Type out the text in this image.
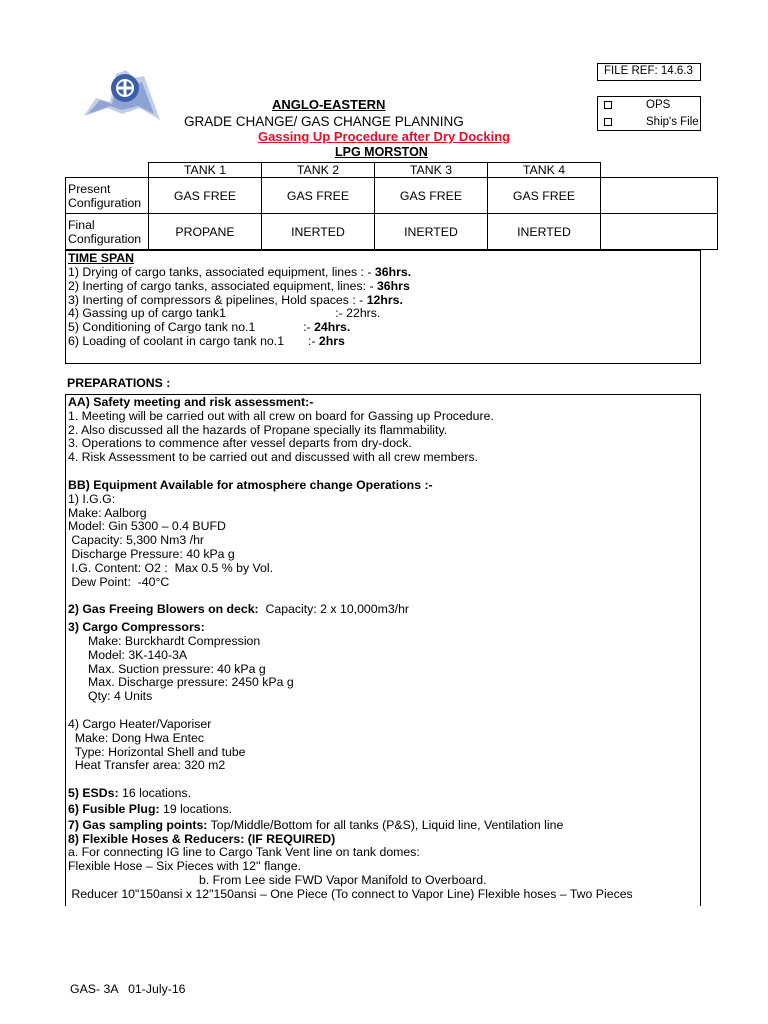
ANGLO-EASTERN
GRADE CHANGE/ GAS CHANGE PLANNING
Gassing Up Procedure after Dry Docking
LPG MORSTON
FILE REF: 14.6.3
OPS
Ship's File
	TANK 1	TANK 2	TANK 3	TANK 4	
Present
Configuration	GAS FREE	GAS FREE	GAS FREE	GAS FREE	
Final
Configuration	PROPANE	INERTED	INERTED	INERTED	
TIME SPAN
1) Drying of cargo tanks, associated equipment, lines : - 36hrs.
2) Inerting of cargo tanks, associated equipment, lines: - 36hrs
3) Inerting of compressors & pipelines, Hold spaces : - 12hrs.
4) Gassing up of cargo tank1                                :- 22hrs.
5) Conditioning of Cargo tank no.1              :- 24hrs.
6) Loading of coolant in cargo tank no.1       :- 2hrs
PREPARATIONS :
AA) Safety meeting and risk assessment:-
1. Meeting will be carried out with all crew on board for Gassing up Procedure.
2. Also discussed all the hazards of Propane specially its flammability.
3. Operations to commence after vessel departs from dry-dock.
4. Risk Assessment to be carried out and discussed with all crew members.
BB) Equipment Available for atmosphere change Operations :-
1) I.G.G:
Make: Aalborg
Model: Gin 5300 – 0.4 BUFD
Capacity: 5,300 Nm3 /hr
Discharge Pressure: 40 kPa g
I.G. Content: O2 :  Max 0.5 % by Vol.
Dew Point:  -40°C
2) Gas Freeing Blowers on deck:  Capacity: 2 x 10,000m3/hr
3) Cargo Compressors:
Make: Burckhardt Compression
Model: 3K-140-3A
Max. Suction pressure: 40 kPa g
Max. Discharge pressure: 2450 kPa g
Qty: 4 Units
4) Cargo Heater/Vaporiser
Make: Dong Hwa Entec
Type: Horizontal Shell and tube
Heat Transfer area: 320 m2
5) ESDs: 16 locations.
6) Fusible Plug: 19 locations.
7) Gas sampling points: Top/Middle/Bottom for all tanks (P&S), Liquid line, Ventilation line
8) Flexible Hoses & Reducers: (IF REQUIRED)
a. For connecting IG line to Cargo Tank Vent line on tank domes:
Flexible Hose – Six Pieces with 12'' flange.
b. From Lee side FWD Vapor Manifold to Overboard.
Reducer 10"150ansi x 12"150ansi – One Piece (To connect to Vapor Line) Flexible hoses – Two Pieces
GAS- 3A   01-July-16
